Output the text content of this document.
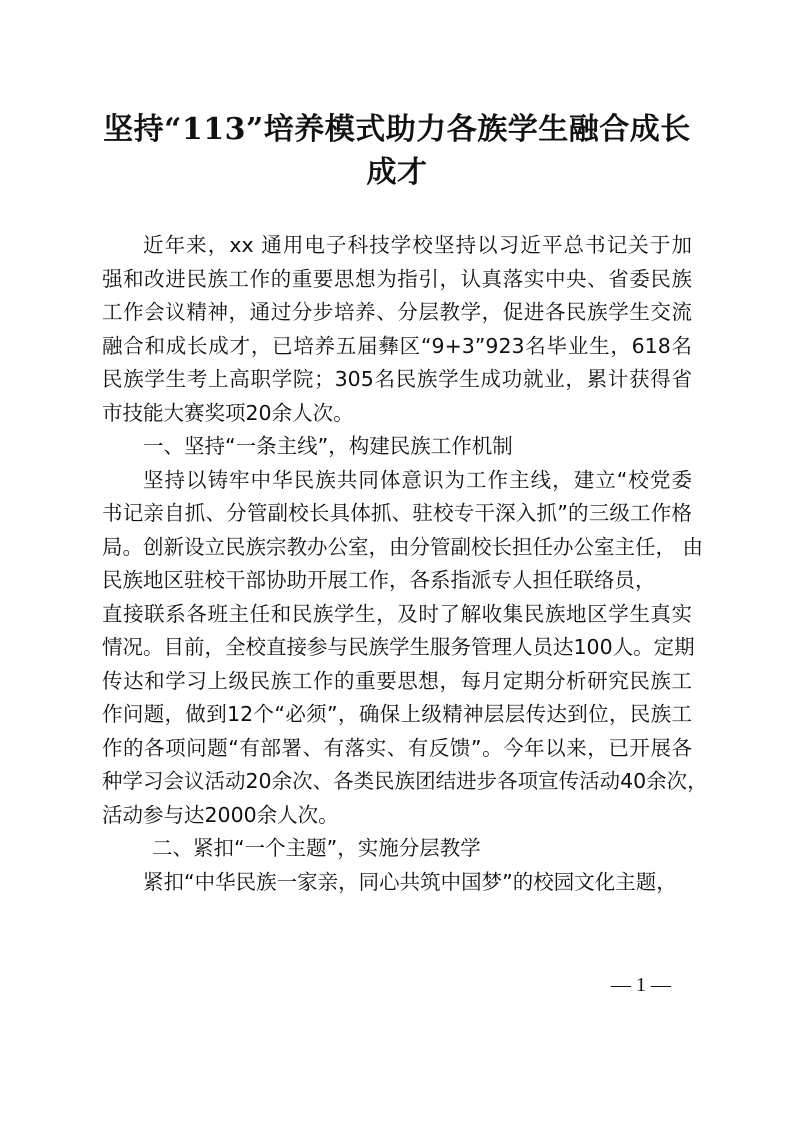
坚持“113”培养模式助力各族学生融合成长成才
近年来，xx 通用电子科技学校坚持以习近平总书记关于加
强和改进民族工作的重要思想为指引，认真落实中央、省委民族
工作会议精神，通过分步培养、分层教学，促进各民族学生交流
融合和成长成才，已培养五届彝区“9+3”923名毕业生，618名
民族学生考上高职学院；305名民族学生成功就业，累计获得省
市技能大赛奖项20余人次。
一、坚持“一条主线”，构建民族工作机制
坚持以铸牢中华民族共同体意识为工作主线，建立“校党委
书记亲自抓、分管副校长具体抓、驻校专干深入抓”的三级工作格
局。创新设立民族宗教办公室，由分管副校长担任办公室主任， 由
民族地区驻校干部协助开展工作，各系指派专人担任联络员，
直接联系各班主任和民族学生，及时了解收集民族地区学生真实
情况。目前，全校直接参与民族学生服务管理人员达100人。定期
传达和学习上级民族工作的重要思想，每月定期分析研究民族工
作问题，做到12个“必须”，确保上级精神层层传达到位，民族工
作的各项问题“有部署、有落实、有反馈”。今年以来，已开展各
种学习会议活动20余次、各类民族团结进步各项宣传活动40余次，
活动参与达2000余人次。
二、紧扣“一个主题”，实施分层教学
紧扣“中华民族一家亲，同心共筑中国梦”的校园文化主题，
— 1 —
